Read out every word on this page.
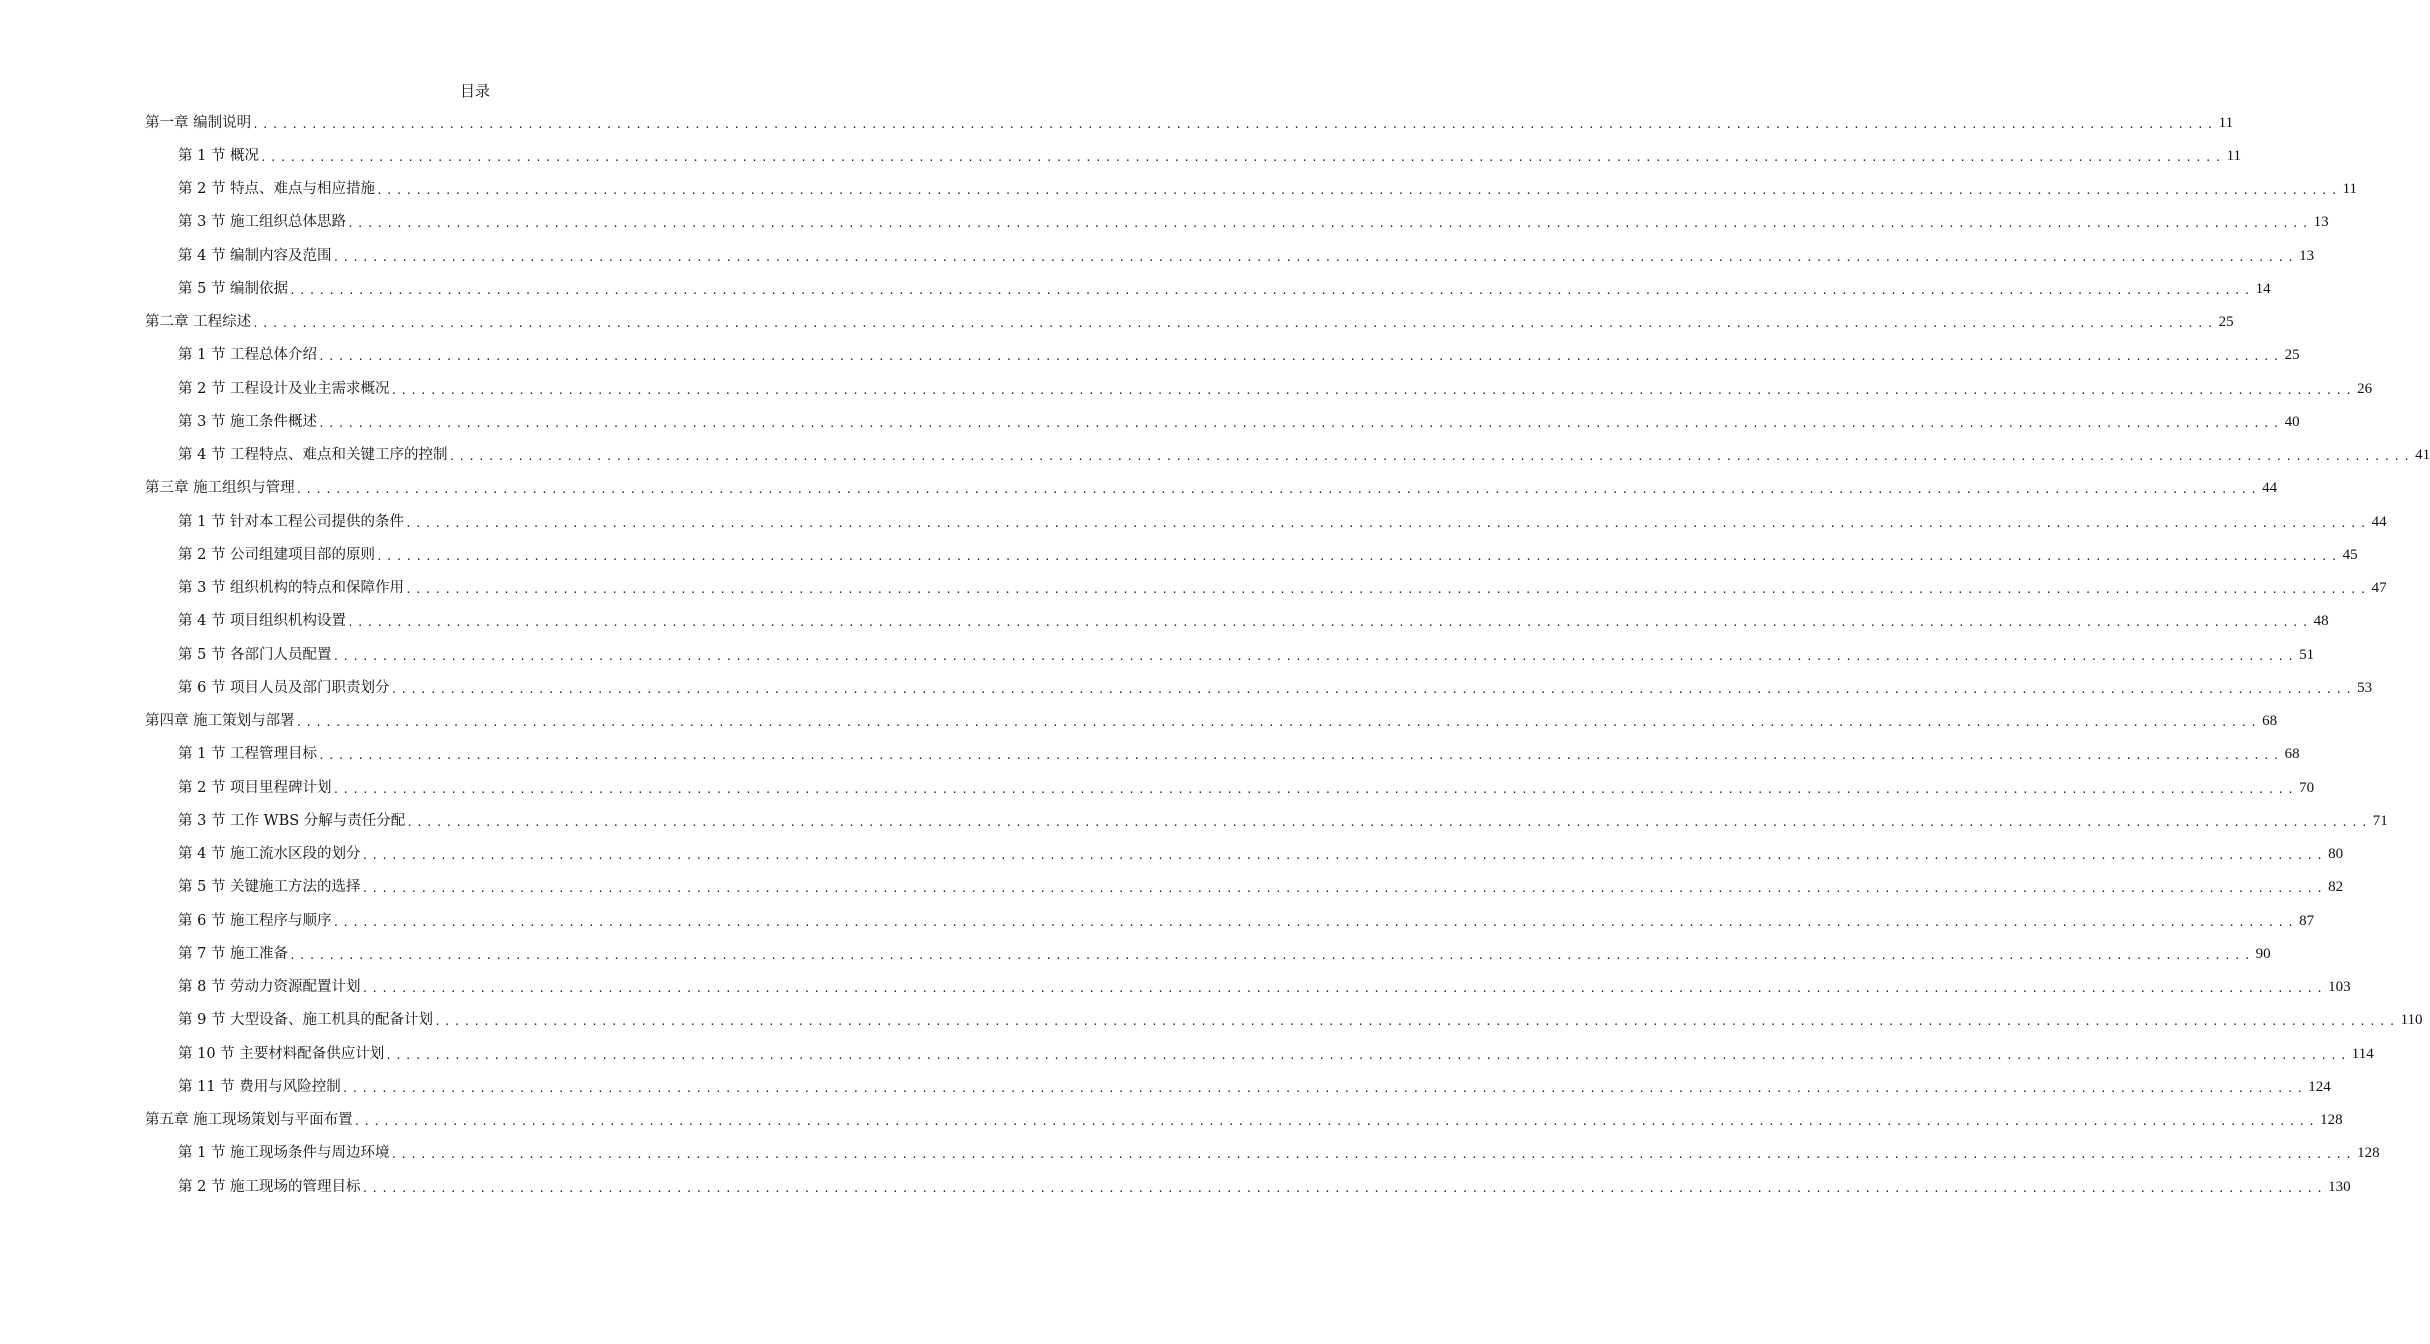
目录
第一章 编制说明 ........................................................................................................................................................................................................ 11
第 1 节 概况 ........................................................................................................................................................................................................ 11
第 2 节 特点、难点与相应措施 ........................................................................................................................................................................................................ 11
第 3 节 施工组织总体思路 ........................................................................................................................................................................................................ 13
第 4 节 编制内容及范围 ........................................................................................................................................................................................................ 13
第 5 节 编制依据 ........................................................................................................................................................................................................ 14
第二章 工程综述 ........................................................................................................................................................................................................ 25
第 1 节 工程总体介绍 ........................................................................................................................................................................................................ 25
第 2 节 工程设计及业主需求概况 ........................................................................................................................................................................................................ 26
第 3 节 施工条件概述 ........................................................................................................................................................................................................ 40
第 4 节 工程特点、难点和关键工序的控制 ........................................................................................................................................................................................................ 41
第三章 施工组织与管理 ........................................................................................................................................................................................................ 44
第 1 节 针对本工程公司提供的条件 ........................................................................................................................................................................................................ 44
第 2 节 公司组建项目部的原则 ........................................................................................................................................................................................................ 45
第 3 节 组织机构的特点和保障作用 ........................................................................................................................................................................................................ 47
第 4 节 项目组织机构设置 ........................................................................................................................................................................................................ 48
第 5 节 各部门人员配置 ........................................................................................................................................................................................................ 51
第 6 节 项目人员及部门职责划分 ........................................................................................................................................................................................................ 53
第四章 施工策划与部署 ........................................................................................................................................................................................................ 68
第 1 节 工程管理目标 ........................................................................................................................................................................................................ 68
第 2 节 项目里程碑计划 ........................................................................................................................................................................................................ 70
第 3 节 工作 WBS 分解与责任分配 ........................................................................................................................................................................................................ 71
第 4 节 施工流水区段的划分 ........................................................................................................................................................................................................ 80
第 5 节 关键施工方法的选择 ........................................................................................................................................................................................................ 82
第 6 节 施工程序与顺序 ........................................................................................................................................................................................................ 87
第 7 节 施工准备 ........................................................................................................................................................................................................ 90
第 8 节 劳动力资源配置计划 ........................................................................................................................................................................................................ 103
第 9 节 大型设备、施工机具的配备计划 ........................................................................................................................................................................................................ 110
第 10 节 主要材料配备供应计划 ........................................................................................................................................................................................................ 114
第 11 节 费用与风险控制 ........................................................................................................................................................................................................ 124
第五章 施工现场策划与平面布置 ........................................................................................................................................................................................................ 128
第 1 节 施工现场条件与周边环境 ........................................................................................................................................................................................................ 128
第 2 节 施工现场的管理目标 ........................................................................................................................................................................................................ 130
